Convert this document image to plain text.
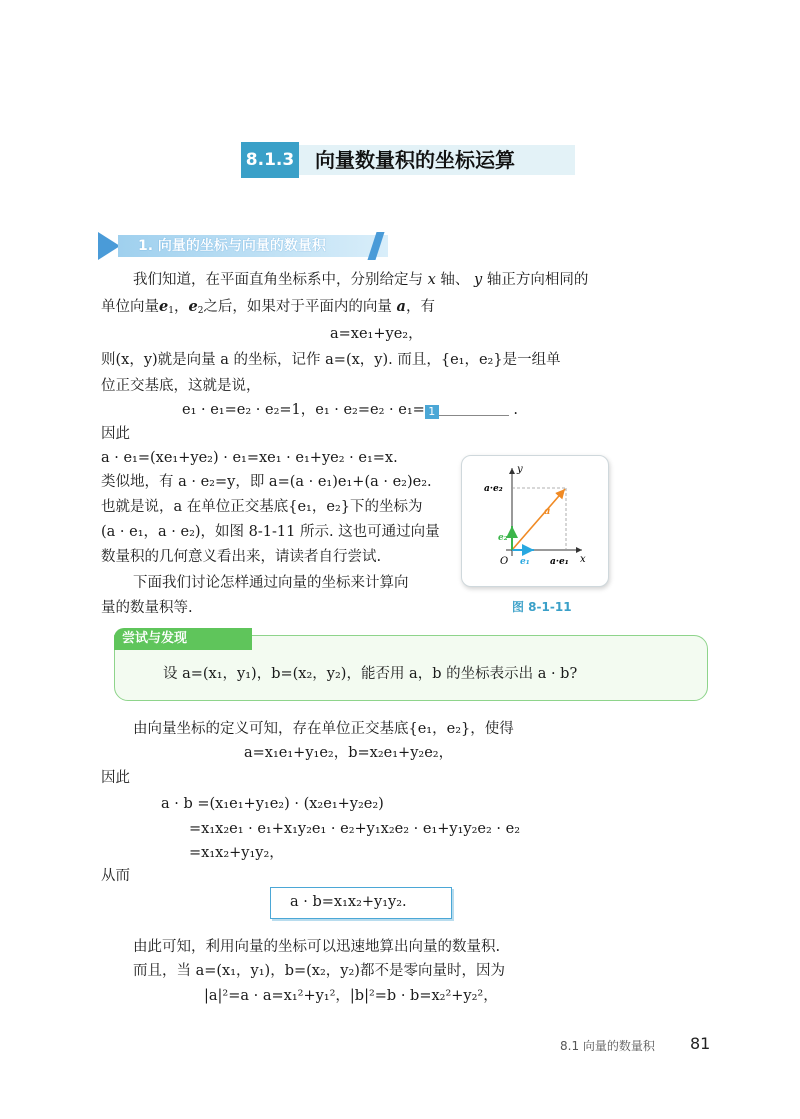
8.1.3	向量数量积的坐标运算
1. 向量的坐标与向量的数量积
我们知道，在平面直角坐标系中，分别给定与 x 轴、 y 轴正方向相同的
单位向量$e_1$，$e_2$之后，如果对于平面内的向量 a，有
a=xe₁+ye₂，
则(x，y)就是向量 a 的坐标，记作 a=(x，y). 而且，{e₁，e₂}是一组单
位正交基底，这就是说，
e₁ · e₁=e₂ · e₂=1，e₁ · e₂=e₂ · e₁= 1	.
因此
a · e₁=(xe₁+ye₂) · e₁=xe₁ · e₁+ye₂ · e₁=x.
类似地，有 a · e₂=y，即 a=(a · e₁)e₁+(a · e₂)e₂.
也就是说，a 在单位正交基底{e₁，e₂}下的坐标为
(a · e₁，a · e₂)，如图 8-1-11 所示. 这也可通过向量
数量积的几何意义看出来，请读者自行尝试.
下面我们讨论怎样通过向量的坐标来计算向
量的数量积等.
y
x
O
a
e₁
e₂
a·e₁
a·e₂
图 8-1-11
尝试与发现
设 a=(x₁，y₁)，b=(x₂，y₂)，能否用 a，b 的坐标表示出 a · b?
由向量坐标的定义可知，存在单位正交基底{e₁，e₂}，使得
a=x₁e₁+y₁e₂，b=x₂e₁+y₂e₂，
因此
a · b =(x₁e₁+y₁e₂) · (x₂e₁+y₂e₂)
=x₁x₂e₁ · e₁+x₁y₂e₁ · e₂+y₁x₂e₂ · e₁+y₁y₂e₂ · e₂
=x₁x₂+y₁y₂，
从而
a · b=x₁x₂+y₁y₂.
由此可知，利用向量的坐标可以迅速地算出向量的数量积.
而且，当 a=(x₁，y₁)，b=(x₂，y₂)都不是零向量时，因为
|a|²=a · a=x₁²+y₁²，|b|²=b · b=x₂²+y₂²，
8.1 向量的数量积 81
